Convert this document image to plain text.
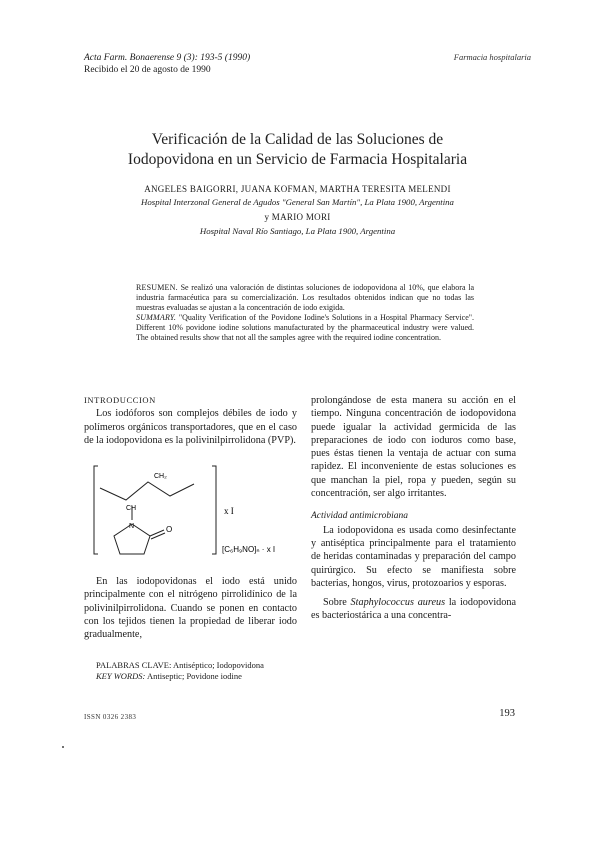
Acta Farm. Bonaerense 9 (3): 193-5 (1990)
Recibido el 20 de agosto de 1990
Farmacia hospitalaria
Verificación de la Calidad de las Soluciones de
Iodopovidona en un Servicio de Farmacia Hospitalaria
ANGELES BAIGORRI, JUANA KOFMAN, MARTHA TERESITA MELENDI
Hospital Interzonal General de Agudos "General San Martín", La Plata 1900, Argentina
y MARIO MORI
Hospital Naval Río Santiago, La Plata 1900, Argentina

RESUMEN. Se realizó una valoración de distintas soluciones de iodopovidona al 10%, que elabora la industria farmacéutica para su comercialización. Los resultados obtenidos indican que no todas las muestras evaluadas se ajustan a la concentración de iodo exigida.

SUMMARY. "Quality Verification of the Povidone Iodine's Solutions in a Hospital Pharmacy Service". Different 10% povidone iodine solutions manufacturated by the pharmaceutical industry were valued. The obtained results show that not all the samples agree with the required iodine concentration.

INTRODUCCION

Los iodóforos son complejos débiles de iodo y polímeros orgánicos transportadores, que en el caso de la iodopovidona es la polivinilpirrolidona (PVP).

CH₂
CH
N	O
x I
[C₆H₉NO]ₙ · x I

En las iodopovidonas el iodo está unido principalmente con el nitrógeno pirrolidínico de la polivinilpirrolidona. Cuando se ponen en contacto con los tejidos tienen la propiedad de liberar iodo gradualmente,

prolongándose de esta manera su acción en el tiempo. Ninguna concentración de iodopovidona puede igualar la actividad germicida de las preparaciones de iodo con ioduros como base, pues éstas tienen la ventaja de actuar con suma rapidez. El inconveniente de estas soluciones es que manchan la piel, ropa y pueden, según su concentración, ser algo irritantes.

Actividad antimicrobiana

La iodopovidona es usada como desinfectante y antiséptica principalmente para el tratamiento de heridas contaminadas y preparación del campo quirúrgico. Su efecto se manifiesta sobre bacterias, hongos, virus, protozoarios y esporas.

Sobre Staphylococcus aureus la iodopovidona es bacteriostárica a una concentra-

PALABRAS CLAVE: Antiséptico; Iodopovidona
KEY WORDS: Antiseptic; Povidone iodine
ISSN 0326 2383	193
